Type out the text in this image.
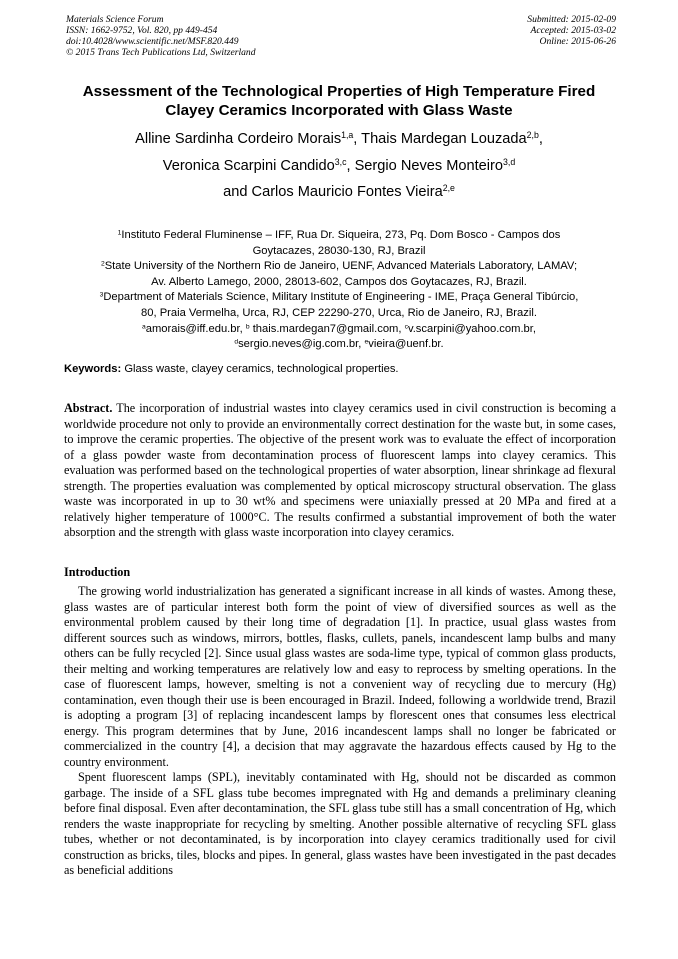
Materials Science Forum
ISSN: 1662-9752, Vol. 820, pp 449-454
doi:10.4028/www.scientific.net/MSF.820.449
© 2015 Trans Tech Publications Ltd, Switzerland
Submitted: 2015-02-09
Accepted: 2015-03-02
Online: 2015-06-26
Assessment of the Technological Properties of High Temperature Fired
Clayey Ceramics Incorporated with Glass Waste
Alline Sardinha Cordeiro Morais$^{1,a}$, Thais Mardegan Louzada$^{2,b}$,
Veronica Scarpini Candido$^{3,c}$, Sergio Neves Monteiro$^{3,d}$
and Carlos Mauricio Fontes Vieira$^{2,e}$
$^1$Instituto Federal Fluminense – IFF, Rua Dr. Siqueira, 273, Pq. Dom Bosco - Campos dos
Goytacazes, 28030-130, RJ, Brazil
$^2$State University of the Northern Rio de Janeiro, UENF, Advanced Materials Laboratory, LAMAV;
Av. Alberto Lamego, 2000, 28013-602, Campos dos Goytacazes, RJ, Brazil.
$^3$Department of Materials Science, Military Institute of Engineering - IME, Praça General Tibúrcio,
80, Praia Vermelha, Urca, RJ, CEP 22290-270, Urca, Rio de Janeiro, RJ, Brazil.
$^a$amorais@iff.edu.br, $^b$ thais.mardegan7@gmail.com, $^c$v.scarpini@yahoo.com.br,
$^d$sergio.neves@ig.com.br, $^e$vieira@uenf.br.
Keywords: Glass waste, clayey ceramics, technological properties.
Abstract. The incorporation of industrial wastes into clayey ceramics used in civil construction is becoming a worldwide procedure not only to provide an environmentally correct destination for the waste but, in some cases, to improve the ceramic properties. The objective of the present work was to evaluate the effect of incorporation of a glass powder waste from decontamination process of fluorescent lamps into clayey ceramics. This evaluation was performed based on the technological properties of water absorption, linear shrinkage ad flexural strength. The properties evaluation was complemented by optical microscopy structural observation. The glass waste was incorporated in up to 30 wt% and specimens were uniaxially pressed at 20 MPa and fired at a relatively higher temperature of 1000°C. The results confirmed a substantial improvement of both the water absorption and the strength with glass waste incorporation into clayey ceramics.
Introduction

The growing world industrialization has generated a significant increase in all kinds of wastes. Among these, glass wastes are of particular interest both form the point of view of diversified sources as well as the environmental problem caused by their long time of degradation [1]. In practice, usual glass wastes from different sources such as windows, mirrors, bottles, flasks, cullets, panels, incandescent lamp bulbs and many others can be fully recycled [2]. Since usual glass wastes are soda-lime type, typical of common glass products, their melting and working temperatures are relatively low and easy to reprocess by smelting operations. In the case of fluorescent lamps, however, smelting is not a convenient way of recycling due to mercury (Hg) contamination, even though their use is been encouraged in Brazil. Indeed, following a worldwide trend, Brazil is adopting a program [3] of replacing incandescent lamps by florescent ones that consumes less electrical energy. This program determines that by June, 2016 incandescent lamps shall no longer be fabricated or commercialized in the country [4], a decision that may aggravate the hazardous effects caused by Hg to the country environment.

Spent fluorescent lamps (SPL), inevitably contaminated with Hg, should not be discarded as common garbage. The inside of a SFL glass tube becomes impregnated with Hg and demands a preliminary cleaning before final disposal. Even after decontamination, the SFL glass tube still has a small concentration of Hg, which renders the waste inappropriate for recycling by smelting. Another possible alternative of recycling SFL glass tubes, whether or not decontaminated, is by incorporation into clayey ceramics traditionally used for civil construction as bricks, tiles, blocks and pipes. In general, glass wastes have been investigated in the past decades as beneficial additions
